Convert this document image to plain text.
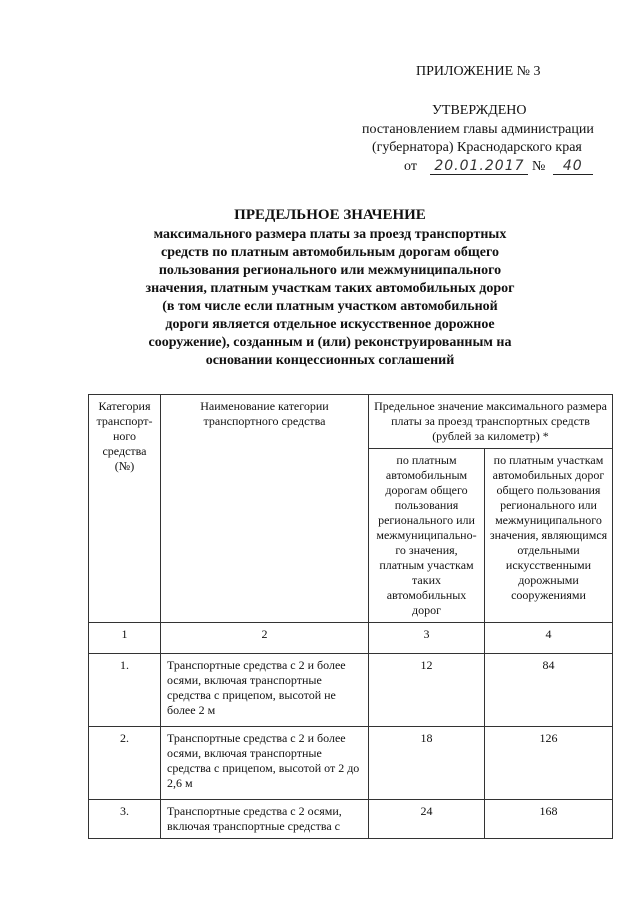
ПРИЛОЖЕНИЕ № 3
УТВЕРЖДЕНО
постановлением главы администрации
(губернатора) Краснодарского края
от 20.01.2017 № 40
ПРЕДЕЛЬНОЕ ЗНАЧЕНИЕ
максимального размера платы за проезд транспортных средств по платным автомобильным дорогам общего пользования регионального или межмуниципального значения, платным участкам таких автомобильных дорог (в том числе если платным участком автомобильной дороги является отдельное искусственное дорожное сооружение), созданным и (или) реконструированным на основании концессионных соглашений
Категория транспорт-ного средства (№)	Наименование категории транспортного средства	Предельное значение максимального размера платы за проезд транспортных средств (рублей за километр) *	
		по платным автомобильным дорогам общего пользования регионального или межмуниципально-го значения, платным участкам таких автомобильных дорог	по платным участкам автомобильных дорог общего пользования регионального или межмуниципального значения, являющимся отдельными искусственными дорожными сооружениями
1	2	3	4
1.	Транспортные средства с 2 и более осями, включая транспортные средства с прицепом, высотой не более 2 м	12	84
2.	Транспортные средства с 2 и более осями, включая транспортные средства с прицепом, высотой от 2 до 2,6 м	18	126
3.	Транспортные средства с 2 осями, включая транспортные средства с	24	168
